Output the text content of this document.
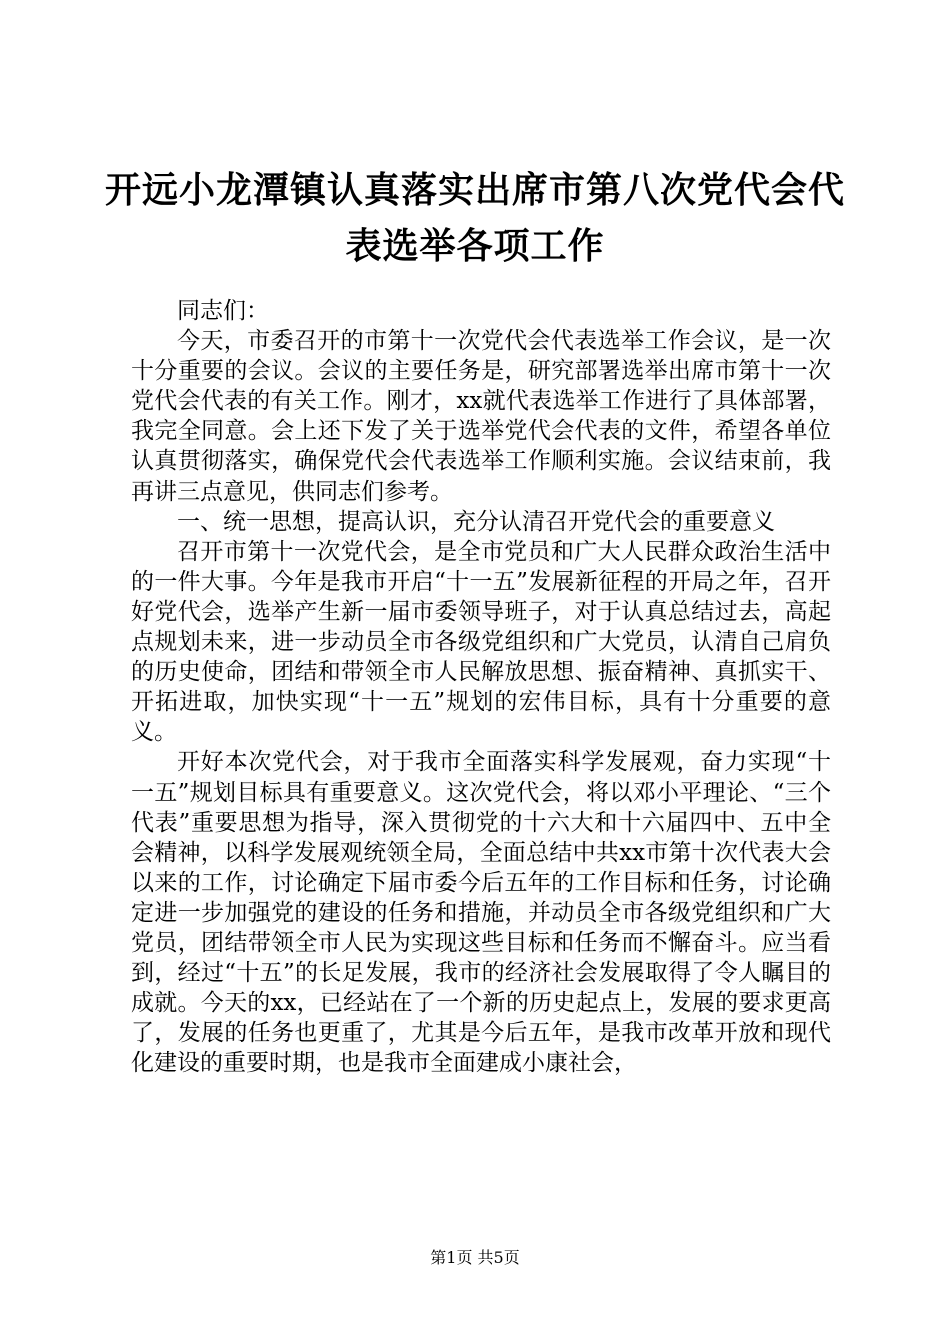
开远小龙潭镇认真落实出席市第八次党代会代
表选举各项工作

同志们：

今天，市委召开的市第十一次党代会代表选举工作会议，是一次十分重要的会议。会议的主要任务是，研究部署选举出席市第十一次党代会代表的有关工作。刚才，xx就代表选举工作进行了具体部署，我完全同意。会上还下发了关于选举党代会代表的文件，希望各单位认真贯彻落实，确保党代会代表选举工作顺利实施。会议结束前，我再讲三点意见，供同志们参考。

一、统一思想，提高认识，充分认清召开党代会的重要意义

召开市第十一次党代会，是全市党员和广大人民群众政治生活中的一件大事。今年是我市开启“十一五”发展新征程的开局之年，召开好党代会，选举产生新一届市委领导班子，对于认真总结过去，高起点规划未来，进一步动员全市各级党组织和广大党员，认清自己肩负的历史使命，团结和带领全市人民解放思想、振奋精神、真抓实干、开拓进取，加快实现“十一五”规划的宏伟目标，具有十分重要的意义。

开好本次党代会，对于我市全面落实科学发展观，奋力实现“十一五”规划目标具有重要意义。这次党代会，将以邓小平理论、“三个代表”重要思想为指导，深入贯彻党的十六大和十六届四中、五中全会精神，以科学发展观统领全局，全面总结中共xx市第十次代表大会以来的工作，讨论确定下届市委今后五年的工作目标和任务，讨论确定进一步加强党的建设的任务和措施，并动员全市各级党组织和广大党员，团结带领全市人民为实现这些目标和任务而不懈奋斗。应当看到，经过“十五”的长足发展，我市的经济社会发展取得了令人瞩目的成就。今天的xx，已经站在了一个新的历史起点上，发展的要求更高了，发展的任务也更重了，尤其是今后五年，是我市改革开放和现代化建设的重要时期，也是我市全面建成小康社会，

第1页 共5页
